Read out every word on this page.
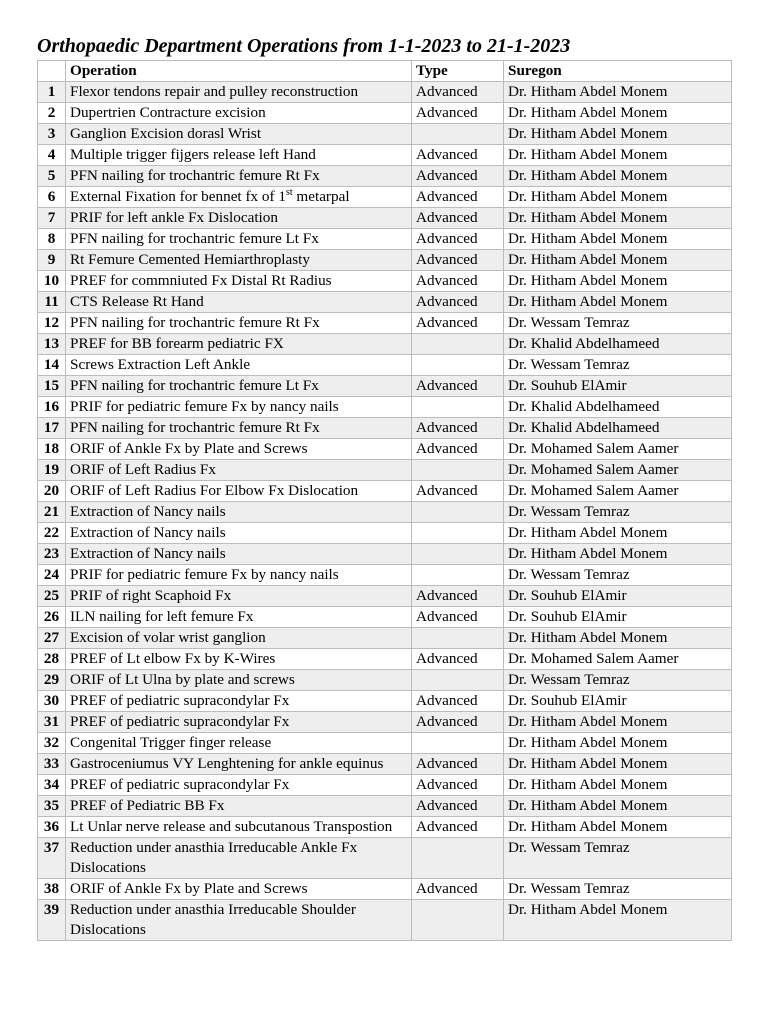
Orthopaedic Department Operations from 1-1-2023 to 21-1-2023
	Operation	Type	Suregon
1	Flexor tendons repair and pulley reconstruction	Advanced	Dr. Hitham Abdel Monem
2	Dupertrien Contracture excision	Advanced	Dr. Hitham Abdel Monem
3	Ganglion Excision dorasl Wrist		Dr. Hitham Abdel Monem
4	Multiple trigger fijgers release left Hand	Advanced	Dr. Hitham Abdel Monem
5	PFN nailing for trochantric femure Rt Fx	Advanced	Dr. Hitham Abdel Monem
6	External Fixation for bennet fx of 1st metarpal	Advanced	Dr. Hitham Abdel Monem
7	PRIF for left ankle Fx Dislocation	Advanced	Dr. Hitham Abdel Monem
8	PFN nailing for trochantric femure Lt Fx	Advanced	Dr. Hitham Abdel Monem
9	Rt Femure Cemented Hemiarthroplasty	Advanced	Dr. Hitham Abdel Monem
10	PREF for commniuted Fx Distal Rt Radius	Advanced	Dr. Hitham Abdel Monem
11	CTS Release Rt Hand	Advanced	Dr. Hitham Abdel Monem
12	PFN nailing for trochantric femure Rt Fx	Advanced	Dr. Wessam Temraz
13	PREF for BB forearm pediatric FX		Dr. Khalid Abdelhameed
14	Screws Extraction Left Ankle		Dr. Wessam Temraz
15	PFN nailing for trochantric femure Lt Fx	Advanced	Dr. Souhub ElAmir
16	PRIF for pediatric femure Fx by nancy nails		Dr. Khalid Abdelhameed
17	PFN nailing for trochantric femure Rt Fx	Advanced	Dr. Khalid Abdelhameed
18	ORIF of Ankle Fx by Plate and Screws	Advanced	Dr. Mohamed Salem Aamer
19	ORIF of Left Radius Fx		Dr. Mohamed Salem Aamer
20	ORIF of Left Radius For Elbow Fx Dislocation	Advanced	Dr. Mohamed Salem Aamer
21	Extraction of Nancy nails		Dr. Wessam Temraz
22	Extraction of Nancy nails		Dr. Hitham Abdel Monem
23	Extraction of Nancy nails		Dr. Hitham Abdel Monem
24	PRIF for pediatric femure Fx by nancy nails		Dr. Wessam Temraz
25	PRIF of right Scaphoid Fx	Advanced	Dr. Souhub ElAmir
26	ILN nailing for left femure Fx	Advanced	Dr. Souhub ElAmir
27	Excision of volar wrist ganglion		Dr. Hitham Abdel Monem
28	PREF of Lt elbow Fx by K-Wires	Advanced	Dr. Mohamed Salem Aamer
29	ORIF of Lt Ulna by plate and screws		Dr. Wessam Temraz
30	PREF of pediatric supracondylar Fx	Advanced	Dr. Souhub ElAmir
31	PREF of pediatric supracondylar Fx	Advanced	Dr. Hitham Abdel Monem
32	Congenital Trigger finger release		Dr. Hitham Abdel Monem
33	Gastroceniumus VY Lenghtening for ankle equinus	Advanced	Dr. Hitham Abdel Monem
34	PREF of pediatric supracondylar Fx	Advanced	Dr. Hitham Abdel Monem
35	PREF of Pediatric BB Fx	Advanced	Dr. Hitham Abdel Monem
36	Lt Unlar nerve release and subcutanous Transpostion	Advanced	Dr. Hitham Abdel Monem
37	Reduction under anasthia Irreducable Ankle Fx Dislocations		Dr. Wessam Temraz
38	ORIF of Ankle Fx by Plate and Screws	Advanced	Dr. Wessam Temraz
39	Reduction under anasthia Irreducable Shoulder Dislocations		Dr. Hitham Abdel Monem
